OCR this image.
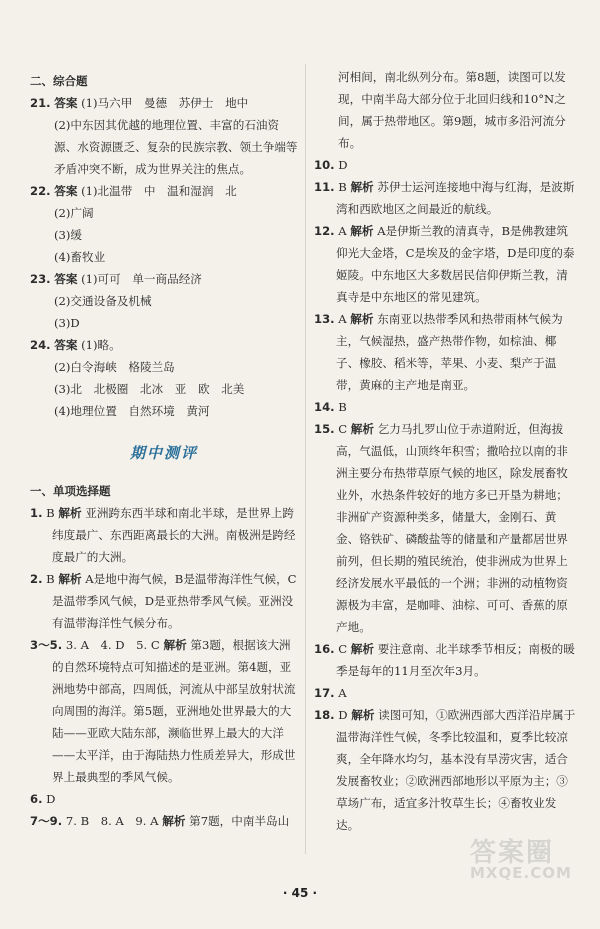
二、综合题
21. 答案 (1)马六甲　曼德　苏伊士　地中
(2)中东因其优越的地理位置、丰富的石油资源、水资源匮乏、复杂的民族宗教、领土争端等矛盾冲突不断，成为世界关注的焦点。
22. 答案 (1)北温带　中　温和湿润　北
(2)广阔
(3)缓
(4)畜牧业
23. 答案 (1)可可　单一商品经济
(2)交通设备及机械
(3)D
24. 答案 (1)略。
(2)白令海峡　格陵兰岛
(3)北　北极圈　北冰　亚　欧　北美
(4)地理位置　自然环境　黄河
期中测评
一、单项选择题
1. B 解析 亚洲跨东西半球和南北半球，是世界上跨纬度最广、东西距离最长的大洲。南极洲是跨经度最广的大洲。
2. B 解析 A是地中海气候，B是温带海洋性气候，C是温带季风气候，D是亚热带季风气候。亚洲没有温带海洋性气候分布。
3～5. 3. A　4. D　5. C 解析 第3题，根据该大洲的自然环境特点可知描述的是亚洲。第4题，亚洲地势中部高，四周低，河流从中部呈放射状流向周围的海洋。第5题，亚洲地处世界最大的大陆——亚欧大陆东部，濒临世界上最大的大洋——太平洋，由于海陆热力性质差异大，形成世界上最典型的季风气候。
6. D
7～9. 7. B　8. A　9. A 解析 第7题，中南半岛山
河相间，南北纵列分布。第8题，读图可以发现，中南半岛大部分位于北回归线和10°N之间，属于热带地区。第9题，城市多沿河流分布。
10. D
11. B 解析 苏伊士运河连接地中海与红海，是波斯湾和西欧地区之间最近的航线。
12. A 解析 A是伊斯兰教的清真寺，B是佛教建筑仰光大金塔，C是埃及的金字塔，D是印度的泰姬陵。中东地区大多数居民信仰伊斯兰教，清真寺是中东地区的常见建筑。
13. A 解析 东南亚以热带季风和热带雨林气候为主，气候湿热，盛产热带作物，如棕油、椰子、橡胶、稻米等，苹果、小麦、梨产于温带，黄麻的主产地是南亚。
14. B
15. C 解析 乞力马扎罗山位于赤道附近，但海拔高，气温低，山顶终年积雪；撒哈拉以南的非洲主要分布热带草原气候的地区，除发展畜牧业外，水热条件较好的地方多已开垦为耕地；非洲矿产资源种类多，储量大，金刚石、黄金、铬铁矿、磷酸盐等的储量和产量都居世界前列，但长期的殖民统治，使非洲成为世界上经济发展水平最低的一个洲；非洲的动植物资源极为丰富，是咖啡、油棕、可可、香蕉的原产地。
16. C 解析 要注意南、北半球季节相反；南极的暖季是每年的11月至次年3月。
17. A
18. D 解析 读图可知，①欧洲西部大西洋沿岸属于温带海洋性气候，冬季比较温和，夏季比较凉爽，全年降水均匀，基本没有旱涝灾害，适合发展畜牧业；②欧洲西部地形以平原为主；③草场广布，适宜多汁牧草生长；④畜牧业发达。
· 45 ·
答案圈
MXQE.COM
